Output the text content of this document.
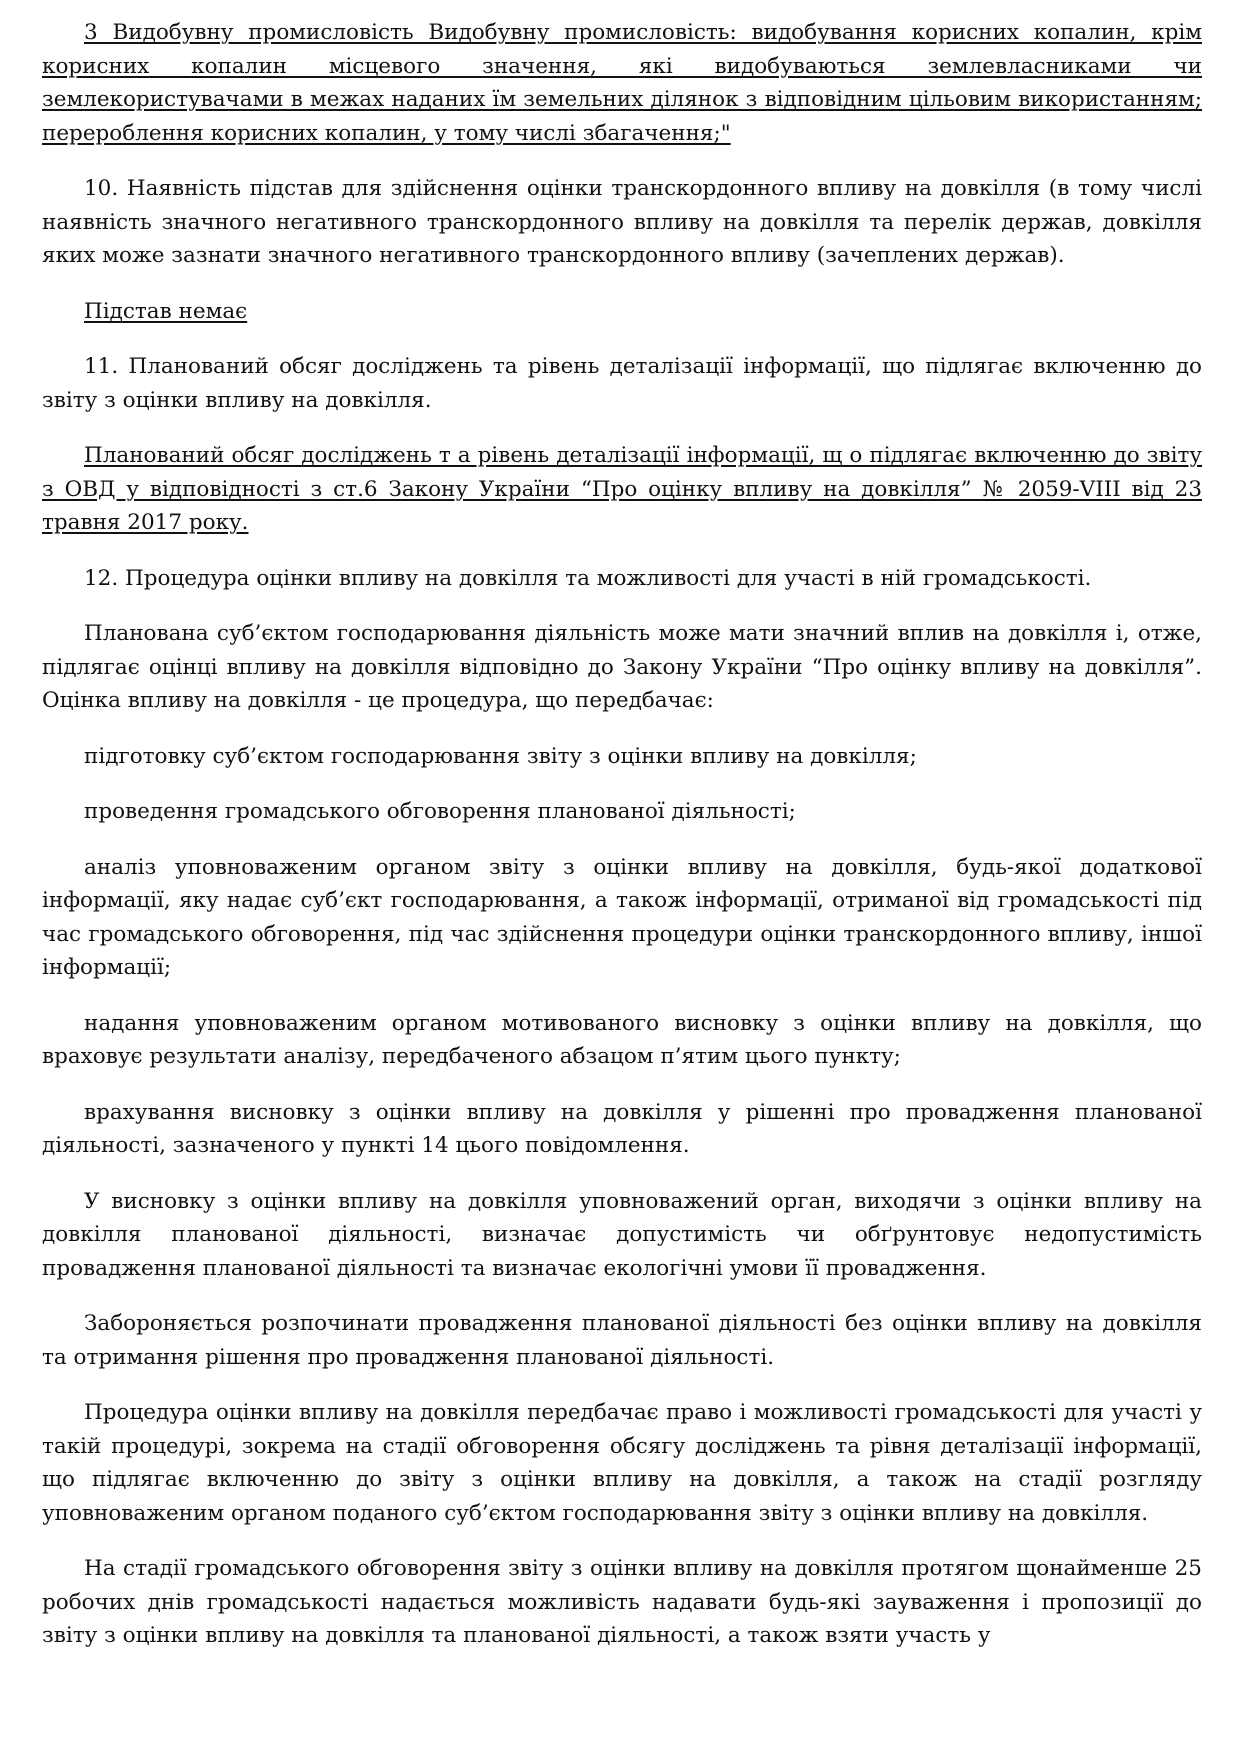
3 Видобувну промисловість Видобувну промисловість: видобування корисних копалин, крім корисних копалин місцевого значення, які видобуваються землевласниками чи землекористувачами в межах наданих їм земельних ділянок з відповідним цільовим використанням; перероблення корисних копалин, у тому числі збагачення;"

10. Наявність підстав для здійснення оцінки транскордонного впливу на довкілля (в тому числі наявність значного негативного транскордонного впливу на довкілля та перелік держав, довкілля яких може зазнати значного негативного транскордонного впливу (зачеплених держав).

Підстав немає

11. Планований обсяг досліджень та рівень деталізації інформації, що підлягає включенню до звіту з оцінки впливу на довкілля.

Планований обсяг досліджень т а рівень деталізації інформації, щ о підлягає включенню до звіту з ОВД у відповідності з ст.6 Закону України “Про оцінку впливу на довкілля” № 2059-VIII від 23 травня 2017 року.

12. Процедура оцінки впливу на довкілля та можливості для участі в ній громадськості.

Планована суб’єктом господарювання діяльність може мати значний вплив на довкілля і, отже, підлягає оцінці впливу на довкілля відповідно до Закону України “Про оцінку впливу на довкілля”. Оцінка впливу на довкілля - це процедура, що передбачає:

підготовку суб’єктом господарювання звіту з оцінки впливу на довкілля;

проведення громадського обговорення планованої діяльності;

аналіз уповноваженим органом звіту з оцінки впливу на довкілля, будь-якої додаткової інформації, яку надає суб’єкт господарювання, а також інформації, отриманої від громадськості під час громадського обговорення, під час здійснення процедури оцінки транскордонного впливу, іншої інформації;

надання уповноваженим органом мотивованого висновку з оцінки впливу на довкілля, що враховує результати аналізу, передбаченого абзацом п’ятим цього пункту;

врахування висновку з оцінки впливу на довкілля у рішенні про провадження планованої діяльності, зазначеного у пункті 14 цього повідомлення.

У висновку з оцінки впливу на довкілля уповноважений орган, виходячи з оцінки впливу на довкілля планованої діяльності, визначає допустимість чи обґрунтовує недопустимість провадження планованої діяльності та визначає екологічні умови її провадження.

Забороняється розпочинати провадження планованої діяльності без оцінки впливу на довкілля та отримання рішення про провадження планованої діяльності.

Процедура оцінки впливу на довкілля передбачає право і можливості громадськості для участі у такій процедурі, зокрема на стадії обговорення обсягу досліджень та рівня деталізації інформації, що підлягає включенню до звіту з оцінки впливу на довкілля, а також на стадії розгляду уповноваженим органом поданого суб’єктом господарювання звіту з оцінки впливу на довкілля.

На стадії громадського обговорення звіту з оцінки впливу на довкілля протягом щонайменше 25 робочих днів громадськості надається можливість надавати будь-які зауваження і пропозиції до звіту з оцінки впливу на довкілля та планованої діяльності, а також взяти участь у
